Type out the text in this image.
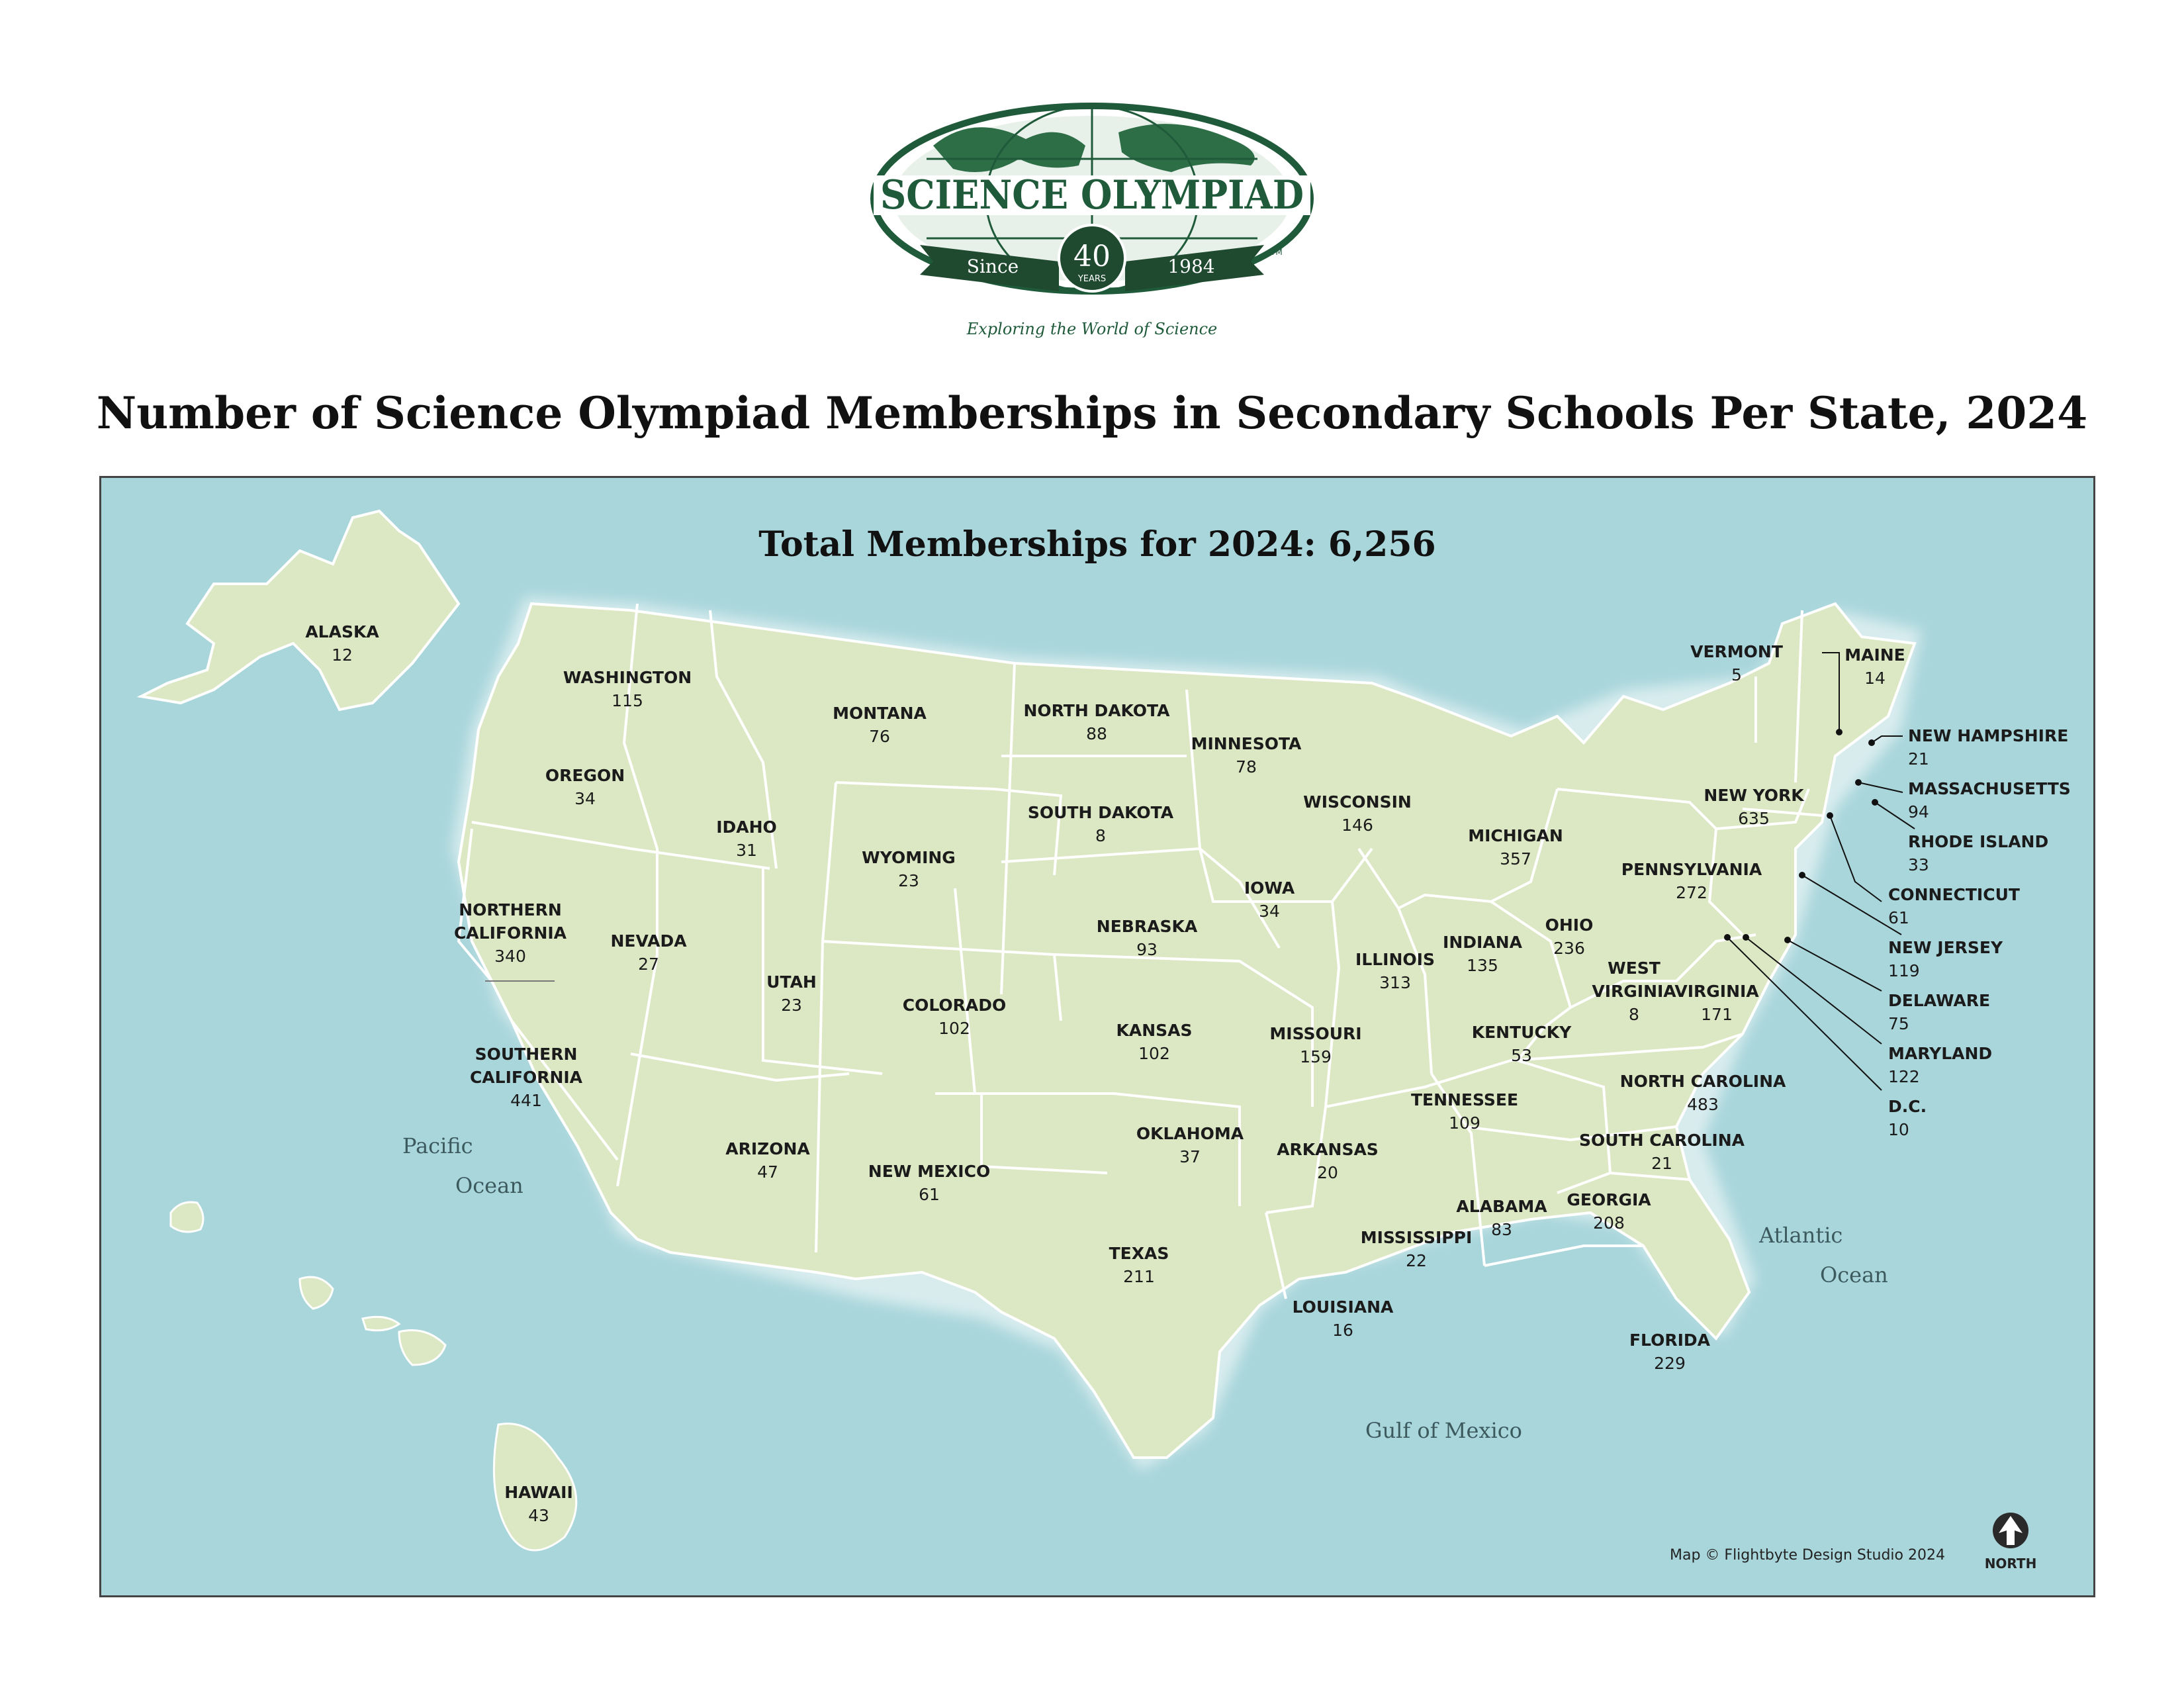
SCIENCE OLYMPIAD
Since	1984
40
YEARS
TM
Exploring the World of Science
Number of Science Olympiad Memberships in Secondary Schools Per State, 2024
Total Memberships for 2024: 6,256
Pacific
Ocean
Atlantic
Ocean
Gulf of Mexico
ALASKA
12
HAWAII
43
WASHINGTON
115
OREGON
34
NORTHERN
CALIFORNIA
340
SOUTHERN
CALIFORNIA
441
NEVADA
27
IDAHO
31
MONTANA
76
WYOMING
23
UTAH
23
ARIZONA
47
COLORADO
102
NEW MEXICO
61
NORTH DAKOTA
88
SOUTH DAKOTA
8
NEBRASKA
93
KANSAS
102
OKLAHOMA
37
TEXAS
211
MINNESOTA
78
IOWA
34
MISSOURI
159
ARKANSAS
20
LOUISIANA
16
WISCONSIN
146
ILLINOIS
313
MICHIGAN
357
INDIANA
135
OHIO
236
KENTUCKY
53
TENNESSEE
109
MISSISSIPPI
22
ALABAMA
83
GEORGIA
208
FLORIDA
229
SOUTH CAROLINA
21
NORTH CAROLINA
483
WEST
VIRGINIA
8
VIRGINIA
171
PENNSYLVANIA
272
NEW YORK
635
VERMONT
5
MAINE
14
NEW HAMPSHIRE
21
MASSACHUSETTS
94
RHODE ISLAND
33
CONNECTICUT
61
NEW JERSEY
119
DELAWARE
75
MARYLAND
122
D.C.
10
Map © Flightbyte Design Studio 2024	NORTH
